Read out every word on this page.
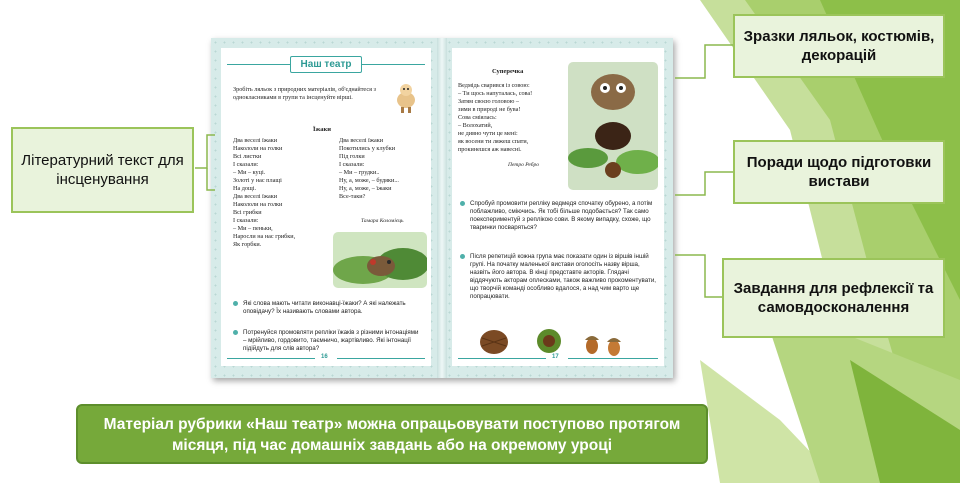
Наш театр
Зробіть ляльок з природних матеріалів, об'єднайтеся з однокласниками в групи та інсценуйте вірші.
Їжаки
Два веселі їжаки
Накололи на голки
Всі листки
І сказали:
– Ми – куці.
Золоті у нас плащі
На дощі.
Два веселі їжаки
Накололи на голки
Всі грибки
І сказали:
– Ми – пеньки,
Наросли на нас грибки,
Як горбки.
Два веселі їжаки
Покотились у клубки
Під голки
І сказали:
– Ми – грудки..
Ну, а, може, – будяки...
Ну, а, може, – їжаки
Все-таки?
Тамара Коломієць
Які слова мають читати виконавці-їжаки? А які належать оповідачу? Їх називають словами автора.
Потренуйся промовляти репліки їжаків з різними інтонаціями – мрійливо, гордовито, таємничо, жартівливо. Які інтонації підійдуть для слів автора?
16
Суперечка
Ведмідь сварився із совою:
– Ти щось напуталась, сова!
Затям своєю головою –
зими в природі не бува!
Сова сміялась:
– Волохатий,
не дивно чути це мені:
як восени ти ляжеш спати,
прокинешся аж навесні.
Петро Ребро
Спробуй промовити репліку ведмедя спочатку обурено, а потім поблажливо, сміючись. Як тобі більше подобається? Так само поекспериментуй з реплікою сови. В якому випадку, схоже, що тваринки посваряться?
Після репетицій кожна група має показати один із віршів іншій групі. На початку маленької вистави оголосіть назву вірша, назвіть його автора. В кінці представте акторів. Глядачі віддячують акторам оплесками, також важливо прокоментувати, що творчій команді особливо вдалося, а над чим варто ще попрацювати.
17
Літературний текст для інсценування
Зразки ляльок, костюмів, декорацій
Поради щодо підготовки вистави
Завдання для рефлексії та самовдосконалення
Матеріал рубрики «Наш театр» можна опрацьовувати поступово протягом місяця, під час домашніх завдань або на окремому уроці
